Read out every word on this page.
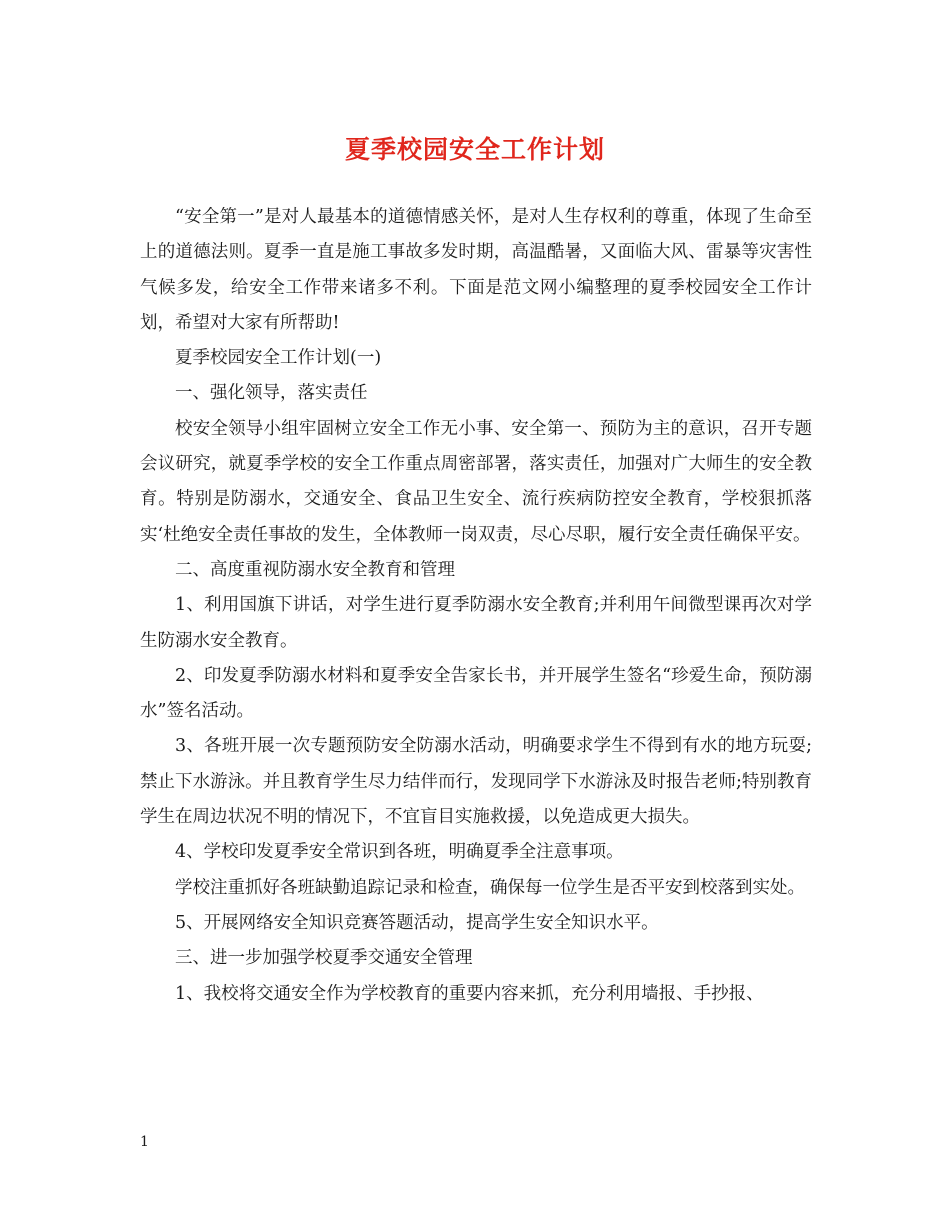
夏季校园安全工作计划

“安全第一”是对人最基本的道德情感关怀，是对人生存权利的尊重，体现了生命至上的道德法则。夏季一直是施工事故多发时期，高温酷暑，又面临大风、雷暴等灾害性气候多发，给安全工作带来诸多不利。下面是范文网小编整理的夏季校园安全工作计划，希望对大家有所帮助!

夏季校园安全工作计划(一)

一、强化领导，落实责任

校安全领导小组牢固树立安全工作无小事、安全第一、预防为主的意识，召开专题会议研究，就夏季学校的安全工作重点周密部署，落实责任，加强对广大师生的安全教育。特别是防溺水，交通安全、食品卫生安全、流行疾病防控安全教育，学校狠抓落实‘杜绝安全责任事故的发生，全体教师一岗双责，尽心尽职，履行安全责任确保平安。

二、高度重视防溺水安全教育和管理

1、利用国旗下讲话，对学生进行夏季防溺水安全教育;并利用午间微型课再次对学生防溺水安全教育。

2、印发夏季防溺水材料和夏季安全告家长书，并开展学生签名“珍爱生命，预防溺水”签名活动。

3、各班开展一次专题预防安全防溺水活动，明确要求学生不得到有水的地方玩耍;禁止下水游泳。并且教育学生尽力结伴而行，发现同学下水游泳及时报告老师;特别教育学生在周边状况不明的情况下，不宜盲目实施救援，以免造成更大损失。

4、学校印发夏季安全常识到各班，明确夏季全注意事项。

学校注重抓好各班缺勤追踪记录和检查，确保每一位学生是否平安到校落到实处。

5、开展网络安全知识竞赛答题活动，提高学生安全知识水平。

三、进一步加强学校夏季交通安全管理

1、我校将交通安全作为学校教育的重要内容来抓，充分利用墙报、手抄报、

1
